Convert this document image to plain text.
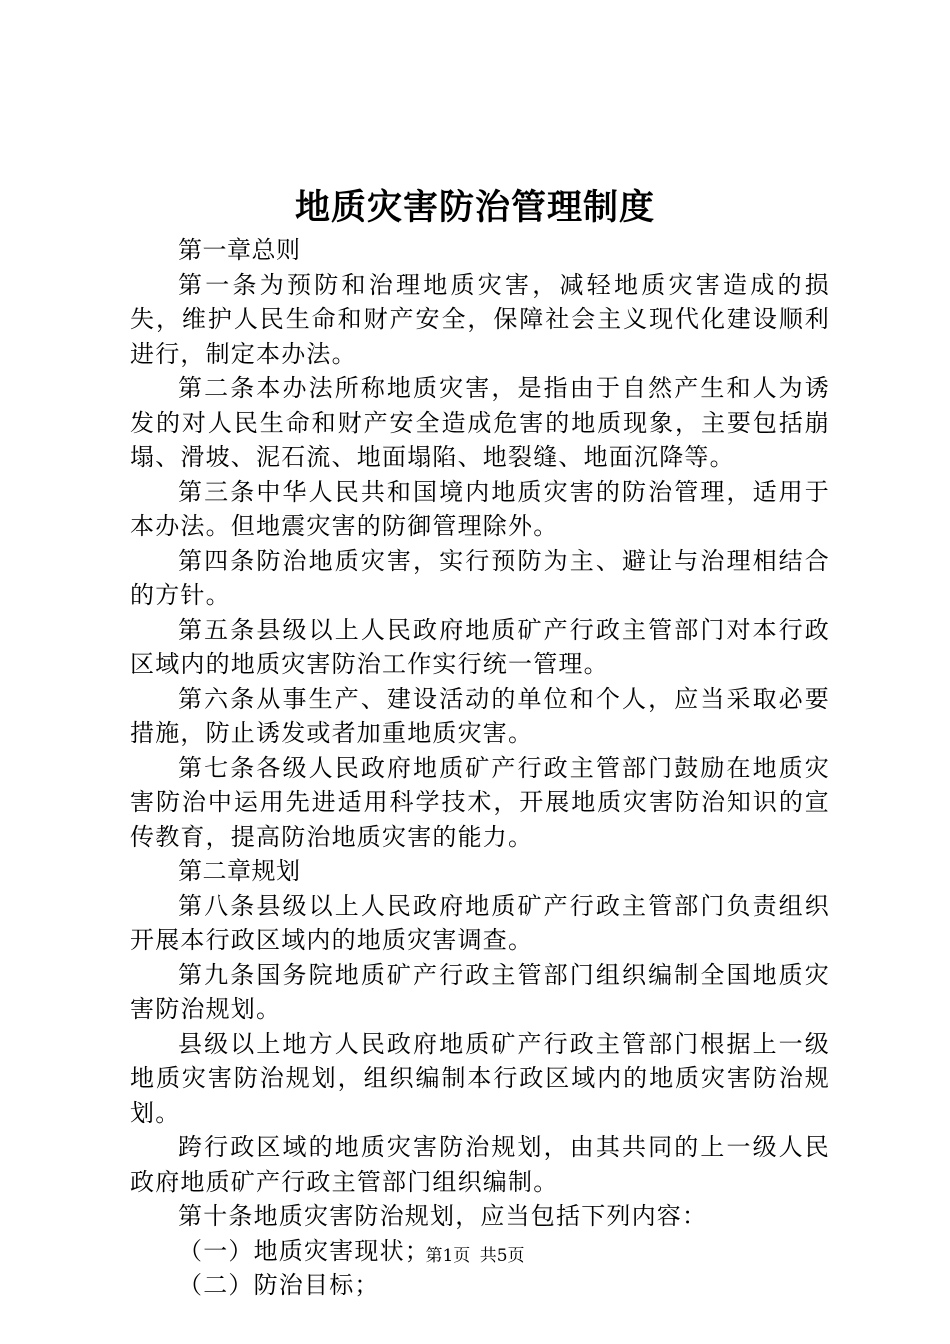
地质灾害防治管理制度

第一章总则

第一条为预防和治理地质灾害，减轻地质灾害造成的损失，维护人民生命和财产安全，保障社会主义现代化建设顺利进行，制定本办法。

第二条本办法所称地质灾害，是指由于自然产生和人为诱发的对人民生命和财产安全造成危害的地质现象，主要包括崩塌、滑坡、泥石流、地面塌陷、地裂缝、地面沉降等。

第三条中华人民共和国境内地质灾害的防治管理，适用于本办法。但地震灾害的防御管理除外。

第四条防治地质灾害，实行预防为主、避让与治理相结合的方针。

第五条县级以上人民政府地质矿产行政主管部门对本行政区域内的地质灾害防治工作实行统一管理。

第六条从事生产、建设活动的单位和个人，应当采取必要措施，防止诱发或者加重地质灾害。

第七条各级人民政府地质矿产行政主管部门鼓励在地质灾害防治中运用先进适用科学技术，开展地质灾害防治知识的宣传教育，提高防治地质灾害的能力。

第二章规划

第八条县级以上人民政府地质矿产行政主管部门负责组织开展本行政区域内的地质灾害调查。

第九条国务院地质矿产行政主管部门组织编制全国地质灾害防治规划。

县级以上地方人民政府地质矿产行政主管部门根据上一级地质灾害防治规划，组织编制本行政区域内的地质灾害防治规划。

跨行政区域的地质灾害防治规划，由其共同的上一级人民政府地质矿产行政主管部门组织编制。

第十条地质灾害防治规划，应当包括下列内容：

（一）地质灾害现状；

（二）防治目标；

第1页 共5页
